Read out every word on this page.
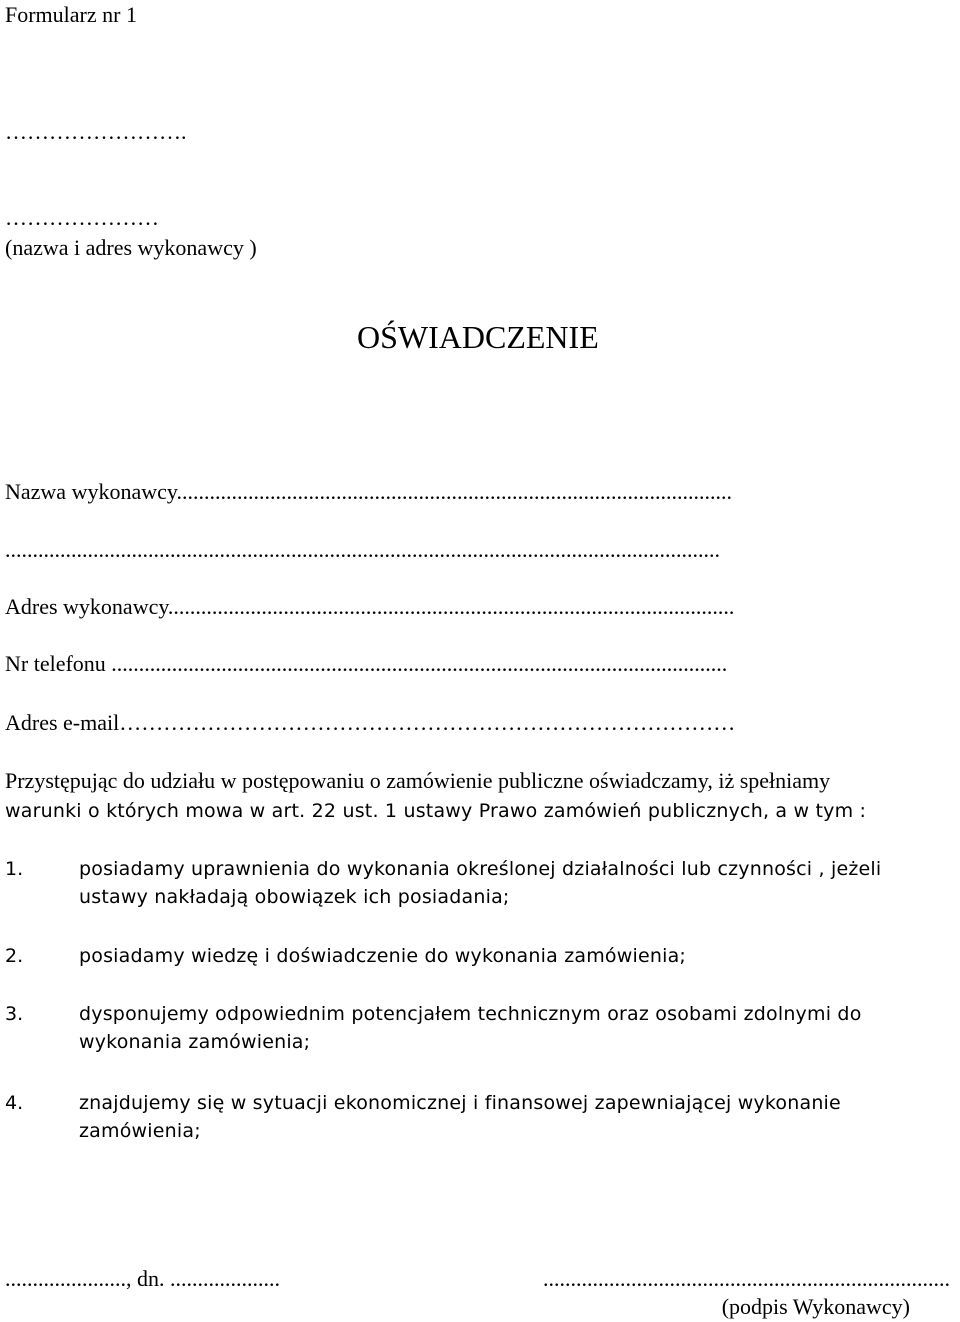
Formularz nr 1
…………………….
…………………
(nazwa i adres wykonawcy )
OŚWIADCZENIE
Nazwa wykonawcy.....................................................................................................
..................................................................................................................................
Adres wykonawcy.......................................................................................................
Nr telefonu ................................................................................................................
Adres e-mail…………………………………………………………………………
Przystępując do udziału w postępowaniu o zamówienie publiczne oświadczamy, iż spełniamy
warunki o których mowa w art. 22 ust. 1 ustawy Prawo zamówień publicznych, a w tym :
1.	posiadamy uprawnienia do wykonania określonej działalności lub czynności , jeżeli ustawy nakładają obowiązek ich posiadania;
2.	posiadamy wiedzę i doświadczenie do wykonania zamówienia;
3.	dysponujemy odpowiednim potencjałem technicznym oraz osobami zdolnymi do wykonania zamówienia;
4.	znajdujemy się w sytuacji ekonomicznej i finansowej zapewniającej wykonanie zamówienia;
......................, dn. ....................	..........................................................................
(podpis Wykonawcy)
